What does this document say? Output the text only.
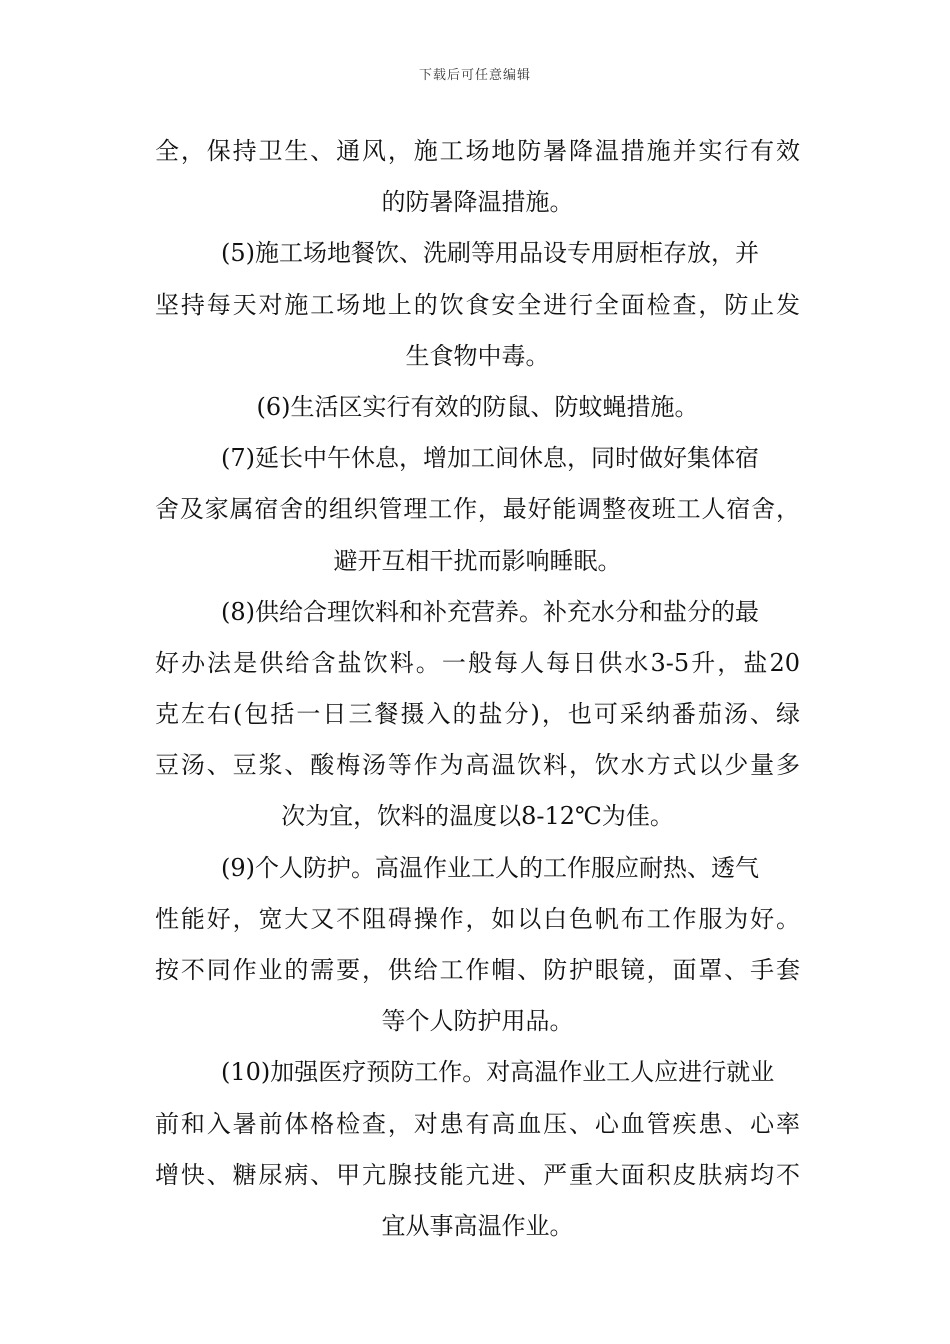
下载后可任意编辑
全，保持卫生、通风，施工场地防暑降温措施并实行有效
的防暑降温措施。
(5)施工场地餐饮、洗刷等用品设专用厨柜存放，并
坚持每天对施工场地上的饮食安全进行全面检查，防止发
生食物中毒。
(6)生活区实行有效的防鼠、防蚊蝇措施。
(7)延长中午休息，增加工间休息，同时做好集体宿
舍及家属宿舍的组织管理工作，最好能调整夜班工人宿舍，
避开互相干扰而影响睡眠。
(8)供给合理饮料和补充营养。补充水分和盐分的最
好办法是供给含盐饮料。一般每人每日供水3-5升，盐20
克左右(包括一日三餐摄入的盐分)，也可采纳番茄汤、绿
豆汤、豆浆、酸梅汤等作为高温饮料，饮水方式以少量多
次为宜，饮料的温度以8-12℃为佳。
(9)个人防护。高温作业工人的工作服应耐热、透气
性能好，宽大又不阻碍操作，如以白色帆布工作服为好。
按不同作业的需要，供给工作帽、防护眼镜，面罩、手套
等个人防护用品。
(10)加强医疗预防工作。对高温作业工人应进行就业
前和入暑前体格检查，对患有高血压、心血管疾患、心率
增快、糖尿病、甲亢腺技能亢进、严重大面积皮肤病均不
宜从事高温作业。
